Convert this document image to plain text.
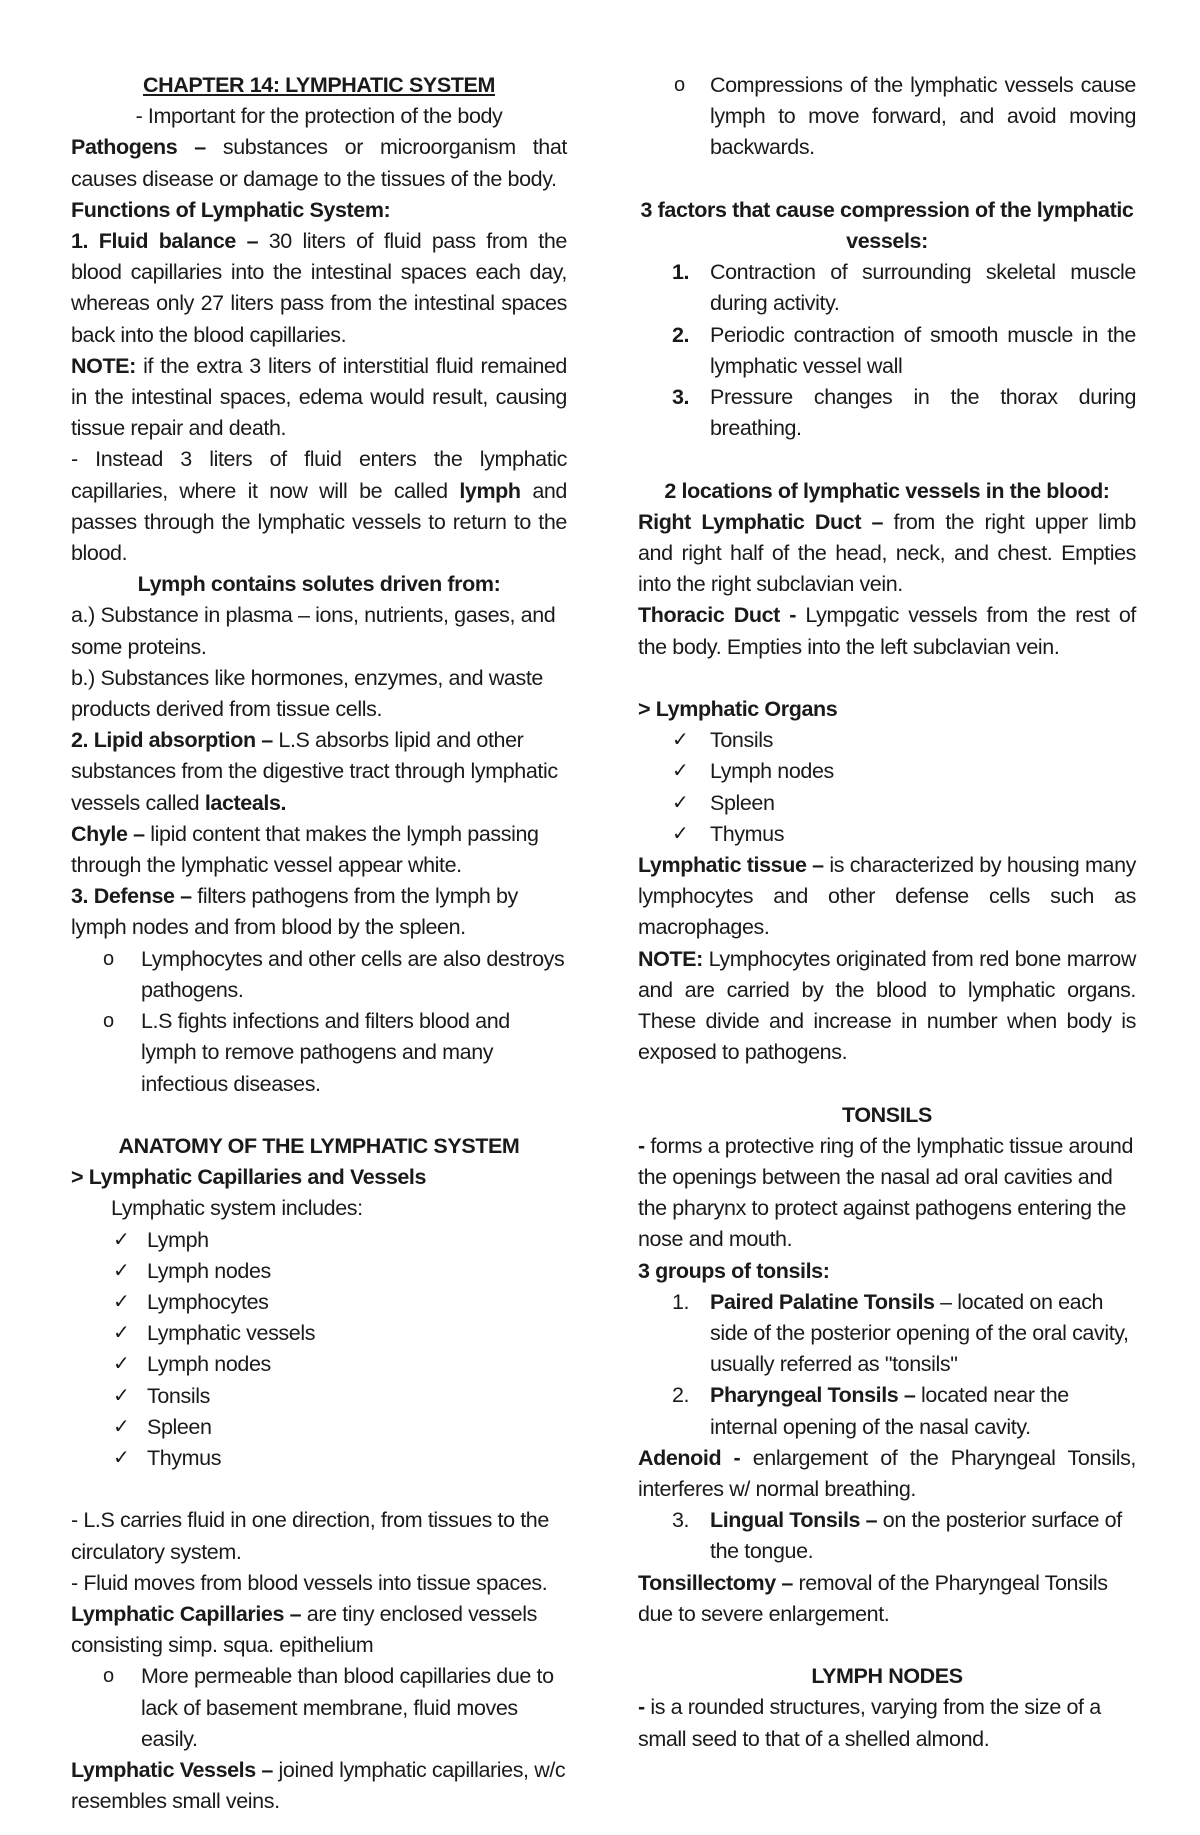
CHAPTER 14: LYMPHATIC SYSTEM

- Important for the protection of the body

Pathogens – substances or microorganism that causes disease or damage to the tissues of the body.

Functions of Lymphatic System:

1. Fluid balance – 30 liters of fluid pass from the blood capillaries into the intestinal spaces each day, whereas only 27 liters pass from the intestinal spaces back into the blood capillaries.

NOTE: if the extra 3 liters of interstitial fluid remained in the intestinal spaces, edema would result, causing tissue repair and death.

- Instead 3 liters of fluid enters the lymphatic capillaries, where it now will be called lymph and passes through the lymphatic vessels to return to the blood.

Lymph contains solutes driven from:

a.) Substance in plasma – ions, nutrients, gases, and some proteins.

b.) Substances like hormones, enzymes, and waste products derived from tissue cells.

2. Lipid absorption – L.S absorbs lipid and other substances from the digestive tract through lymphatic vessels called lacteals.

Chyle – lipid content that makes the lymph passing through the lymphatic vessel appear white.

3. Defense – filters pathogens from the lymph by lymph nodes and from blood by the spleen.

o Lymphocytes and other cells are also destroys pathogens.

o L.S fights infections and filters blood and lymph to remove pathogens and many infectious diseases.

ANATOMY OF THE LYMPHATIC SYSTEM

> Lymphatic Capillaries and Vessels

Lymphatic system includes:

✓ Lymph

✓ Lymph nodes

✓ Lymphocytes

✓ Lymphatic vessels

✓ Lymph nodes

✓ Tonsils

✓ Spleen

✓ Thymus

- L.S carries fluid in one direction, from tissues to the circulatory system.

- Fluid moves from blood vessels into tissue spaces.

Lymphatic Capillaries – are tiny enclosed vessels consisting simp. squa. epithelium

o More permeable than blood capillaries due to lack of basement membrane, fluid moves easily.

Lymphatic Vessels – joined lymphatic capillaries, w/c resembles small veins.

o Compressions of the lymphatic vessels cause lymph to move forward, and avoid moving backwards.

3 factors that cause compression of the lymphatic vessels:

1. Contraction of surrounding skeletal muscle during activity.

2. Periodic contraction of smooth muscle in the lymphatic vessel wall

3. Pressure changes in the thorax during breathing.

2 locations of lymphatic vessels in the blood:

Right Lymphatic Duct – from the right upper limb and right half of the head, neck, and chest. Empties into the right subclavian vein.

Thoracic Duct - Lympgatic vessels from the rest of the body. Empties into the left subclavian vein.

> Lymphatic Organs

✓ Tonsils

✓ Lymph nodes

✓ Spleen

✓ Thymus

Lymphatic tissue – is characterized by housing many lymphocytes and other defense cells such as macrophages.

NOTE: Lymphocytes originated from red bone marrow and are carried by the blood to lymphatic organs. These divide and increase in number when body is exposed to pathogens.

TONSILS

- forms a protective ring of the lymphatic tissue around the openings between the nasal ad oral cavities and the pharynx to protect against pathogens entering the nose and mouth.

3 groups of tonsils:

1. Paired Palatine Tonsils – located on each side of the posterior opening of the oral cavity, usually referred as "tonsils"

2. Pharyngeal Tonsils – located near the internal opening of the nasal cavity.

Adenoid - enlargement of the Pharyngeal Tonsils, interferes w/ normal breathing.

3. Lingual Tonsils – on the posterior surface of the tongue.

Tonsillectomy – removal of the Pharyngeal Tonsils due to severe enlargement.

LYMPH NODES

- is a rounded structures, varying from the size of a small seed to that of a shelled almond.
